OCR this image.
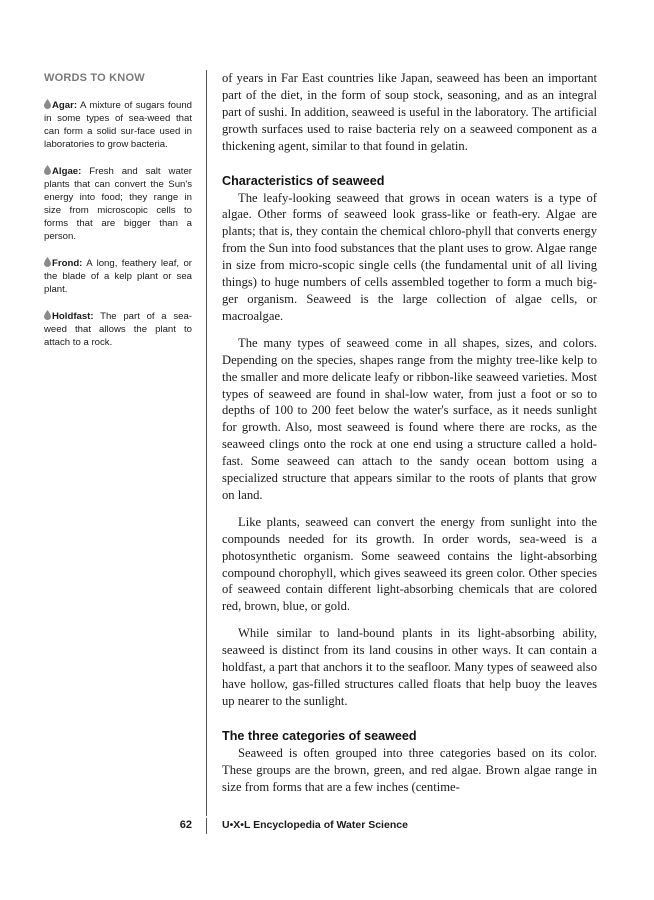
WORDS TO KNOW
Agar: A mixture of sugars found in some types of sea-weed that can form a solid sur-face used in laboratories to grow bacteria.
Algae: Fresh and salt water plants that can convert the Sun's energy into food; they range in size from microscopic cells to forms that are bigger than a person.
Frond: A long, feathery leaf, or the blade of a kelp plant or sea plant.
Holdfast: The part of a sea-weed that allows the plant to attach to a rock.

of years in Far East countries like Japan, seaweed has been an important part of the diet, in the form of soup stock, seasoning, and as an integral part of sushi. In addition, seaweed is useful in the laboratory. The artificial growth surfaces used to raise bacteria rely on a seaweed component as a thickening agent, similar to that found in gelatin.

Characteristics of seaweed

The leafy-looking seaweed that grows in ocean waters is a type of algae. Other forms of seaweed look grass-like or feath-ery. Algae are plants; that is, they contain the chemical chloro-phyll that converts energy from the Sun into food substances that the plant uses to grow. Algae range in size from micro-scopic single cells (the fundamental unit of all living things) to huge numbers of cells assembled together to form a much big-ger organism. Seaweed is the large collection of algae cells, or macroalgae.

The many types of seaweed come in all shapes, sizes, and colors. Depending on the species, shapes range from the mighty tree-like kelp to the smaller and more delicate leafy or ribbon-like seaweed varieties. Most types of seaweed are found in shal-low water, from just a foot or so to depths of 100 to 200 feet below the water's surface, as it needs sunlight for growth. Also, most seaweed is found where there are rocks, as the seaweed clings onto the rock at one end using a structure called a hold-fast. Some seaweed can attach to the sandy ocean bottom using a specialized structure that appears similar to the roots of plants that grow on land.

Like plants, seaweed can convert the energy from sunlight into the compounds needed for its growth. In order words, sea-weed is a photosynthetic organism. Some seaweed contains the light-absorbing compound chorophyll, which gives seaweed its green color. Other species of seaweed contain different light-absorbing chemicals that are colored red, brown, blue, or gold.

While similar to land-bound plants in its light-absorbing ability, seaweed is distinct from its land cousins in other ways. It can contain a holdfast, a part that anchors it to the seafloor. Many types of seaweed also have hollow, gas-filled structures called floats that help buoy the leaves up nearer to the sunlight.

The three categories of seaweed

Seaweed is often grouped into three categories based on its color. These groups are the brown, green, and red algae. Brown algae range in size from forms that are a few inches (centime-

62	U•X•L Encyclopedia of Water Science
